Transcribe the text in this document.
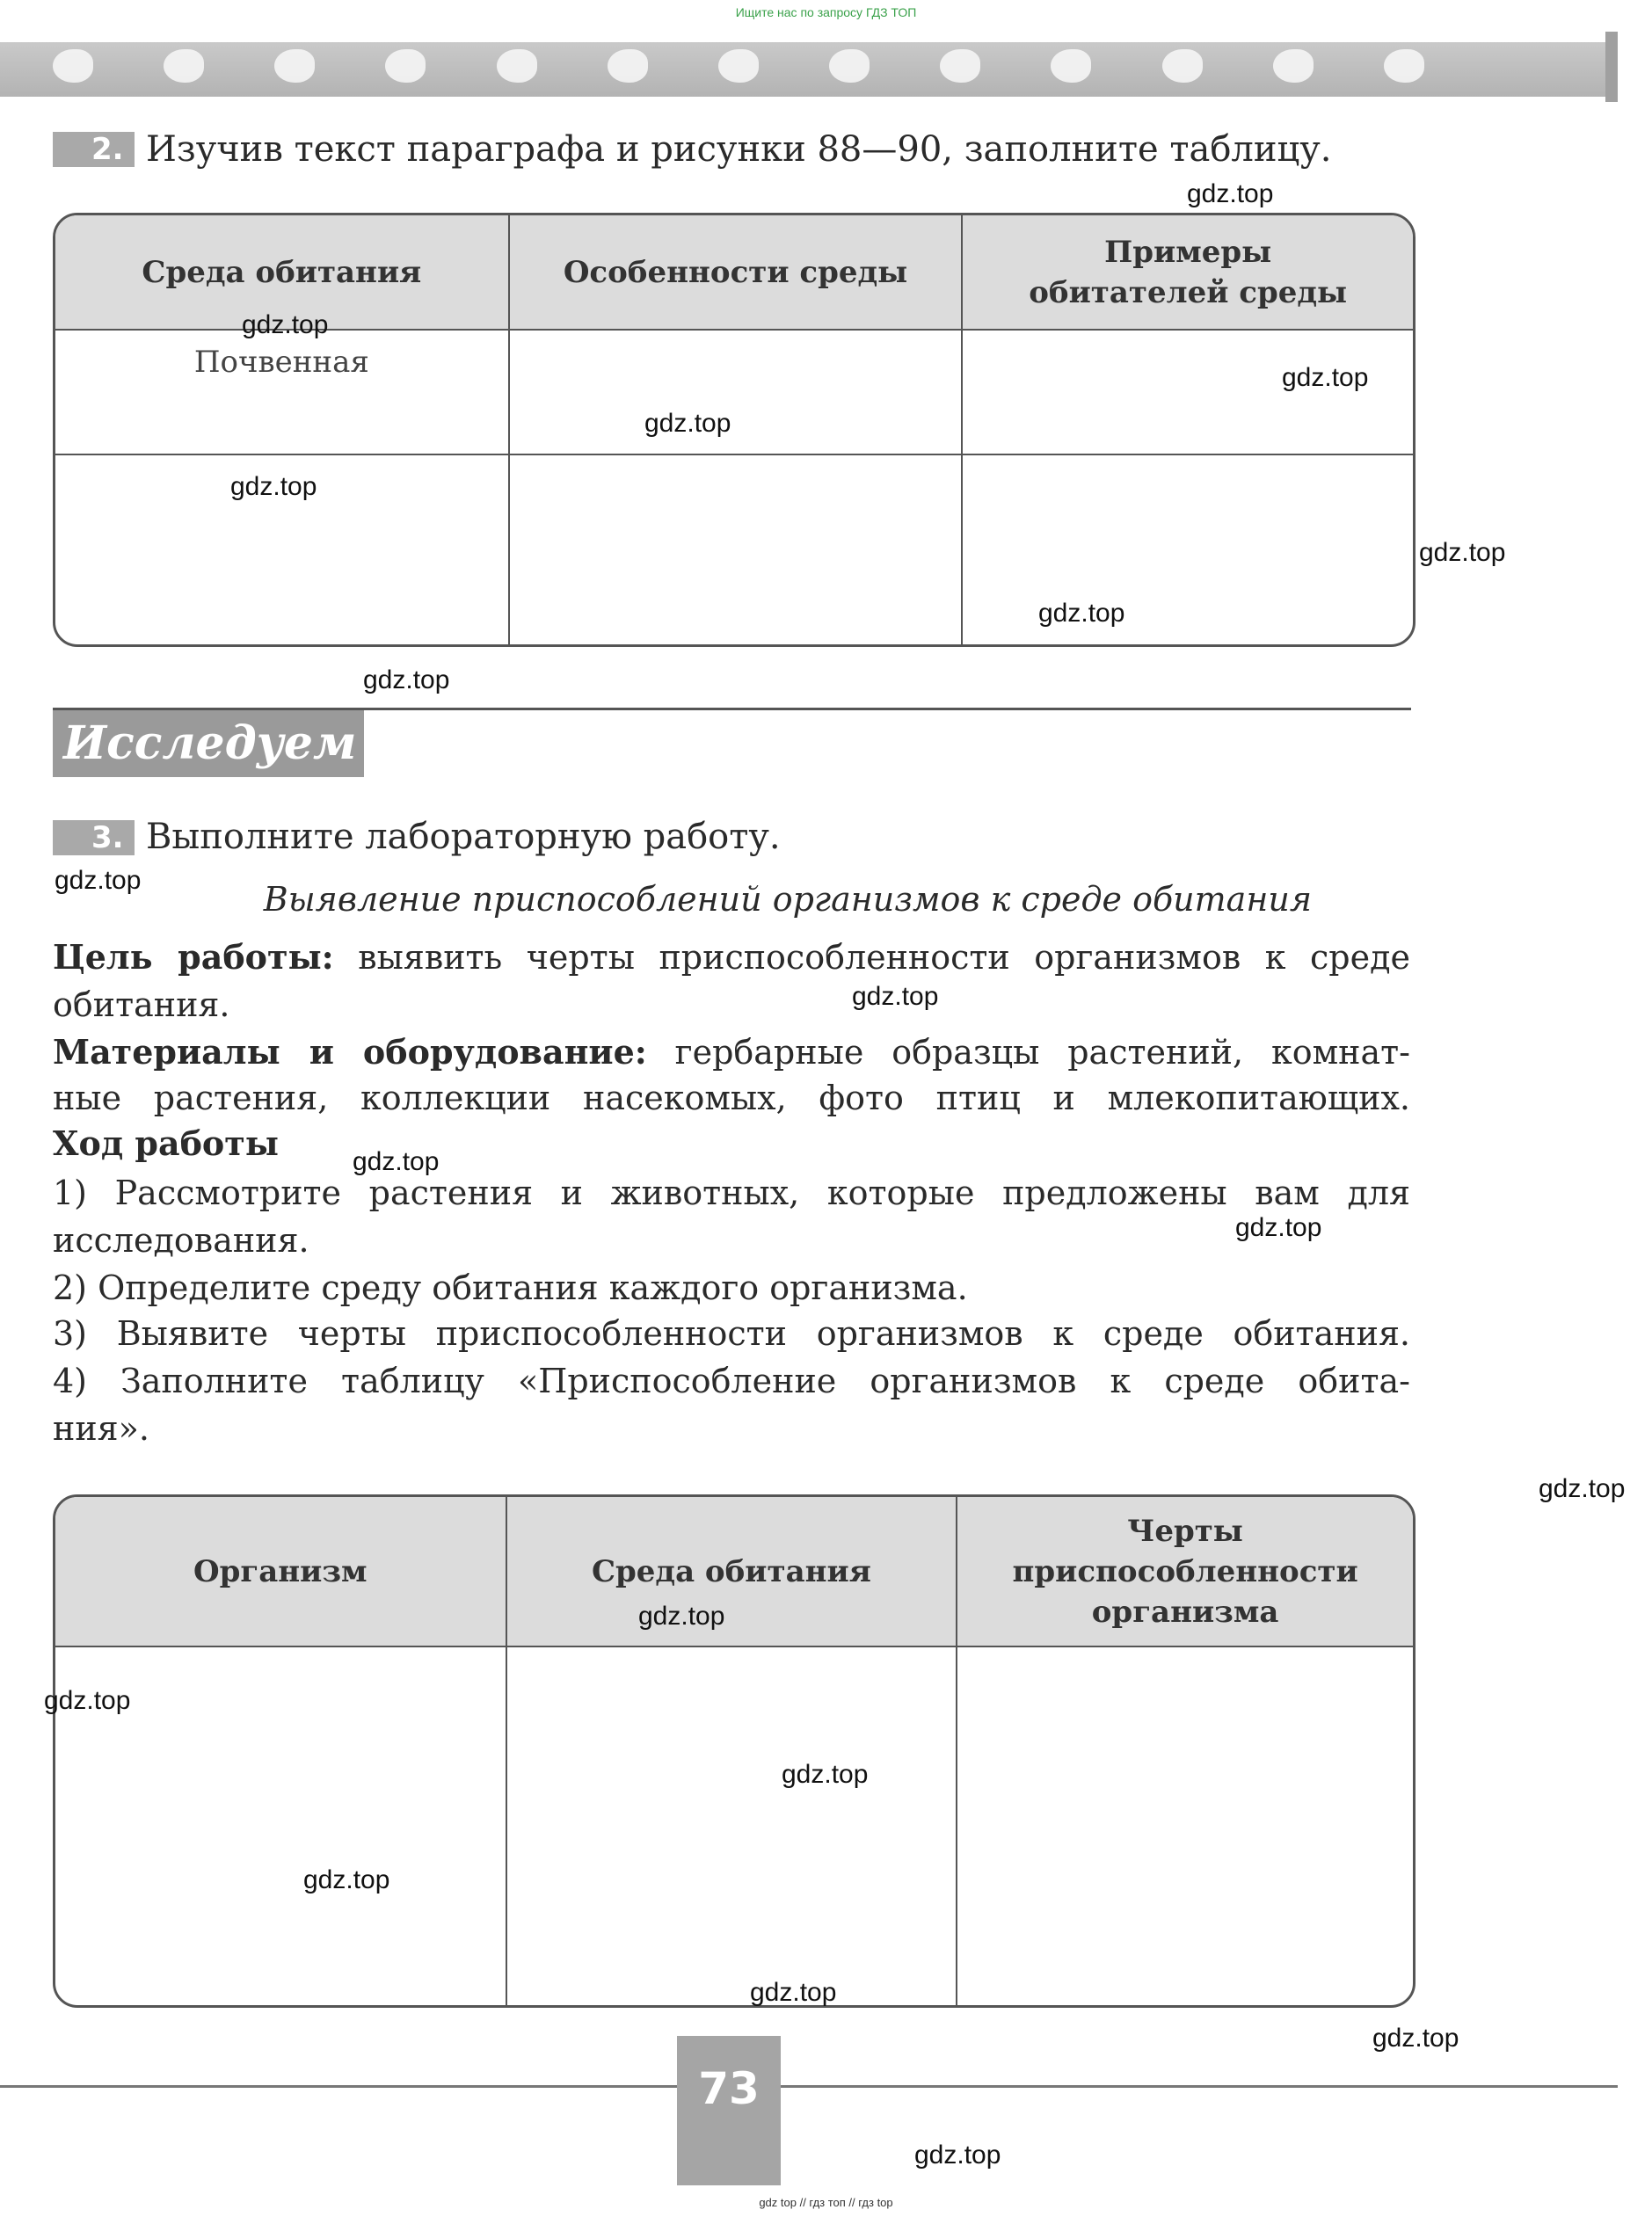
Ищите нас по запросу ГДЗ ТОП
2. Изучив текст параграфа и рисунки 88—90, заполните таблицу.
Среда обитания	Особенности среды	Примеры обитателей среды
Почвенная		

Исследуем
3. Выполните лабораторную работу.
Выявление приспособлений организмов к среде обитания
Цель работы: выявить черты приспособленности организмов к среде
обитания.
Материалы и оборудование: гербарные образцы растений, комнат-
ные растения, коллекции насекомых, фото птиц и млекопитающих.
Ход работы
1) Рассмотрите растения и животных, которые предложены вам для
исследования.
2) Определите среду обитания каждого организма.
3) Выявите черты приспособленности организмов к среде обитания.
4) Заполните таблицу «Приспособление организмов к среде обита-
ния».
Организм	Среда обитания	Черты приспособленности организма

73
gdz.top
gdz.top
gdz.top
gdz.top
gdz.top
gdz.top
gdz.top
gdz.top
gdz.top
gdz.top
gdz.top
gdz.top
gdz.top
gdz.top
gdz.top
gdz.top
gdz.top
gdz.top
gdz.top
gdz.top
gdz top // гдз топ // гдз top
